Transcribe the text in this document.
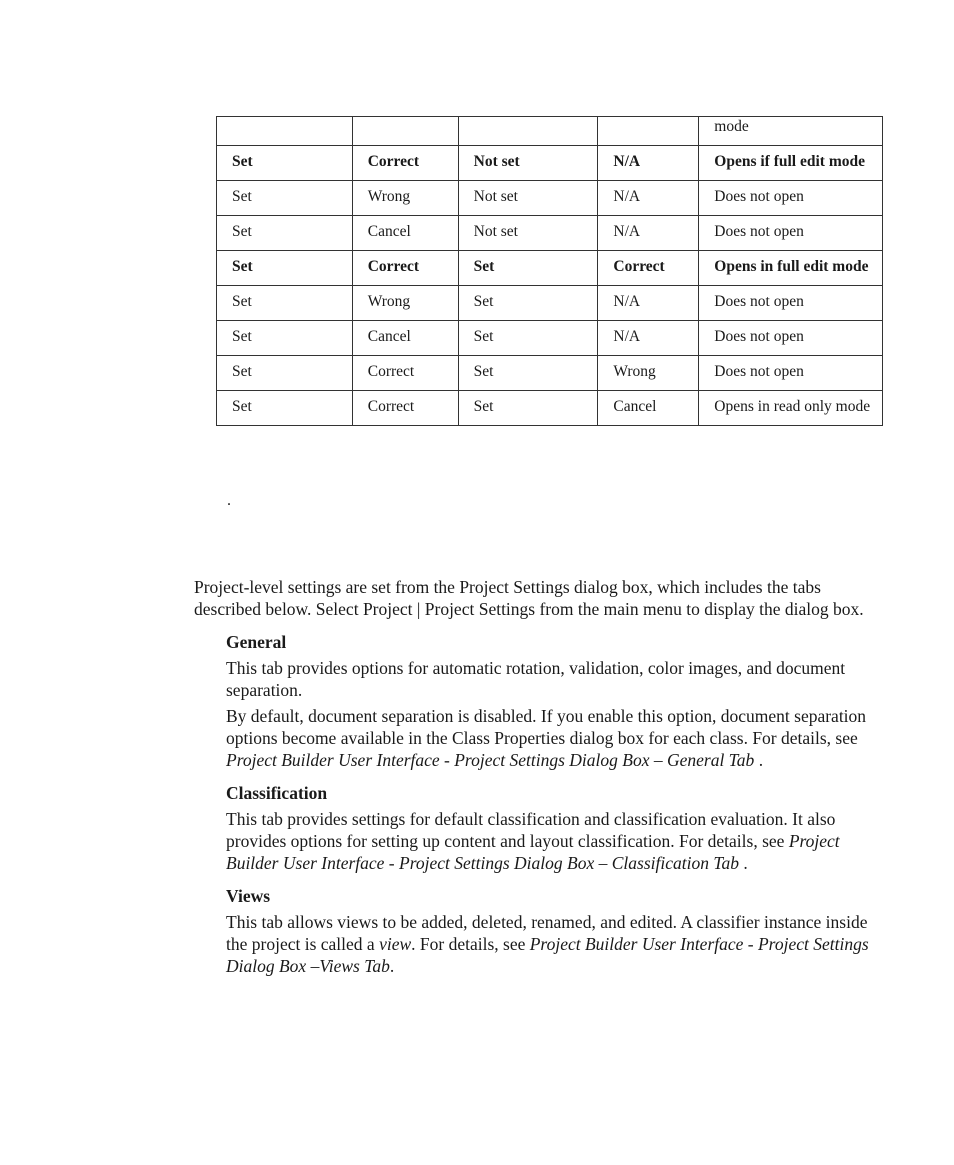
				mode
Set	Correct	Not set	N/A	Opens if full edit mode
Set	Wrong	Not set	N/A	Does not open
Set	Cancel	Not set	N/A	Does not open
Set	Correct	Set	Correct	Opens in full edit mode
Set	Wrong	Set	N/A	Does not open
Set	Cancel	Set	N/A	Does not open
Set	Correct	Set	Wrong	Does not open
Set	Correct	Set	Cancel	Opens in read only mode
.

Project-level settings are set from the Project Settings dialog box, which includes the tabs described below. Select Project | Project Settings from the main menu to display the dialog box.

General

This tab provides options for automatic rotation, validation, color images, and document separation.

By default, document separation is disabled. If you enable this option, document separation options become available in the Class Properties dialog box for each class. For details, see Project Builder User Interface - Project Settings Dialog Box – General Tab .

Classification

This tab provides settings for default classification and classification evaluation. It also provides options for setting up content and layout classification. For details, see Project Builder User Interface - Project Settings Dialog Box – Classification Tab .

Views

This tab allows views to be added, deleted, renamed, and edited. A classifier instance inside the project is called a view. For details, see Project Builder User Interface - Project Settings Dialog Box –Views Tab.
